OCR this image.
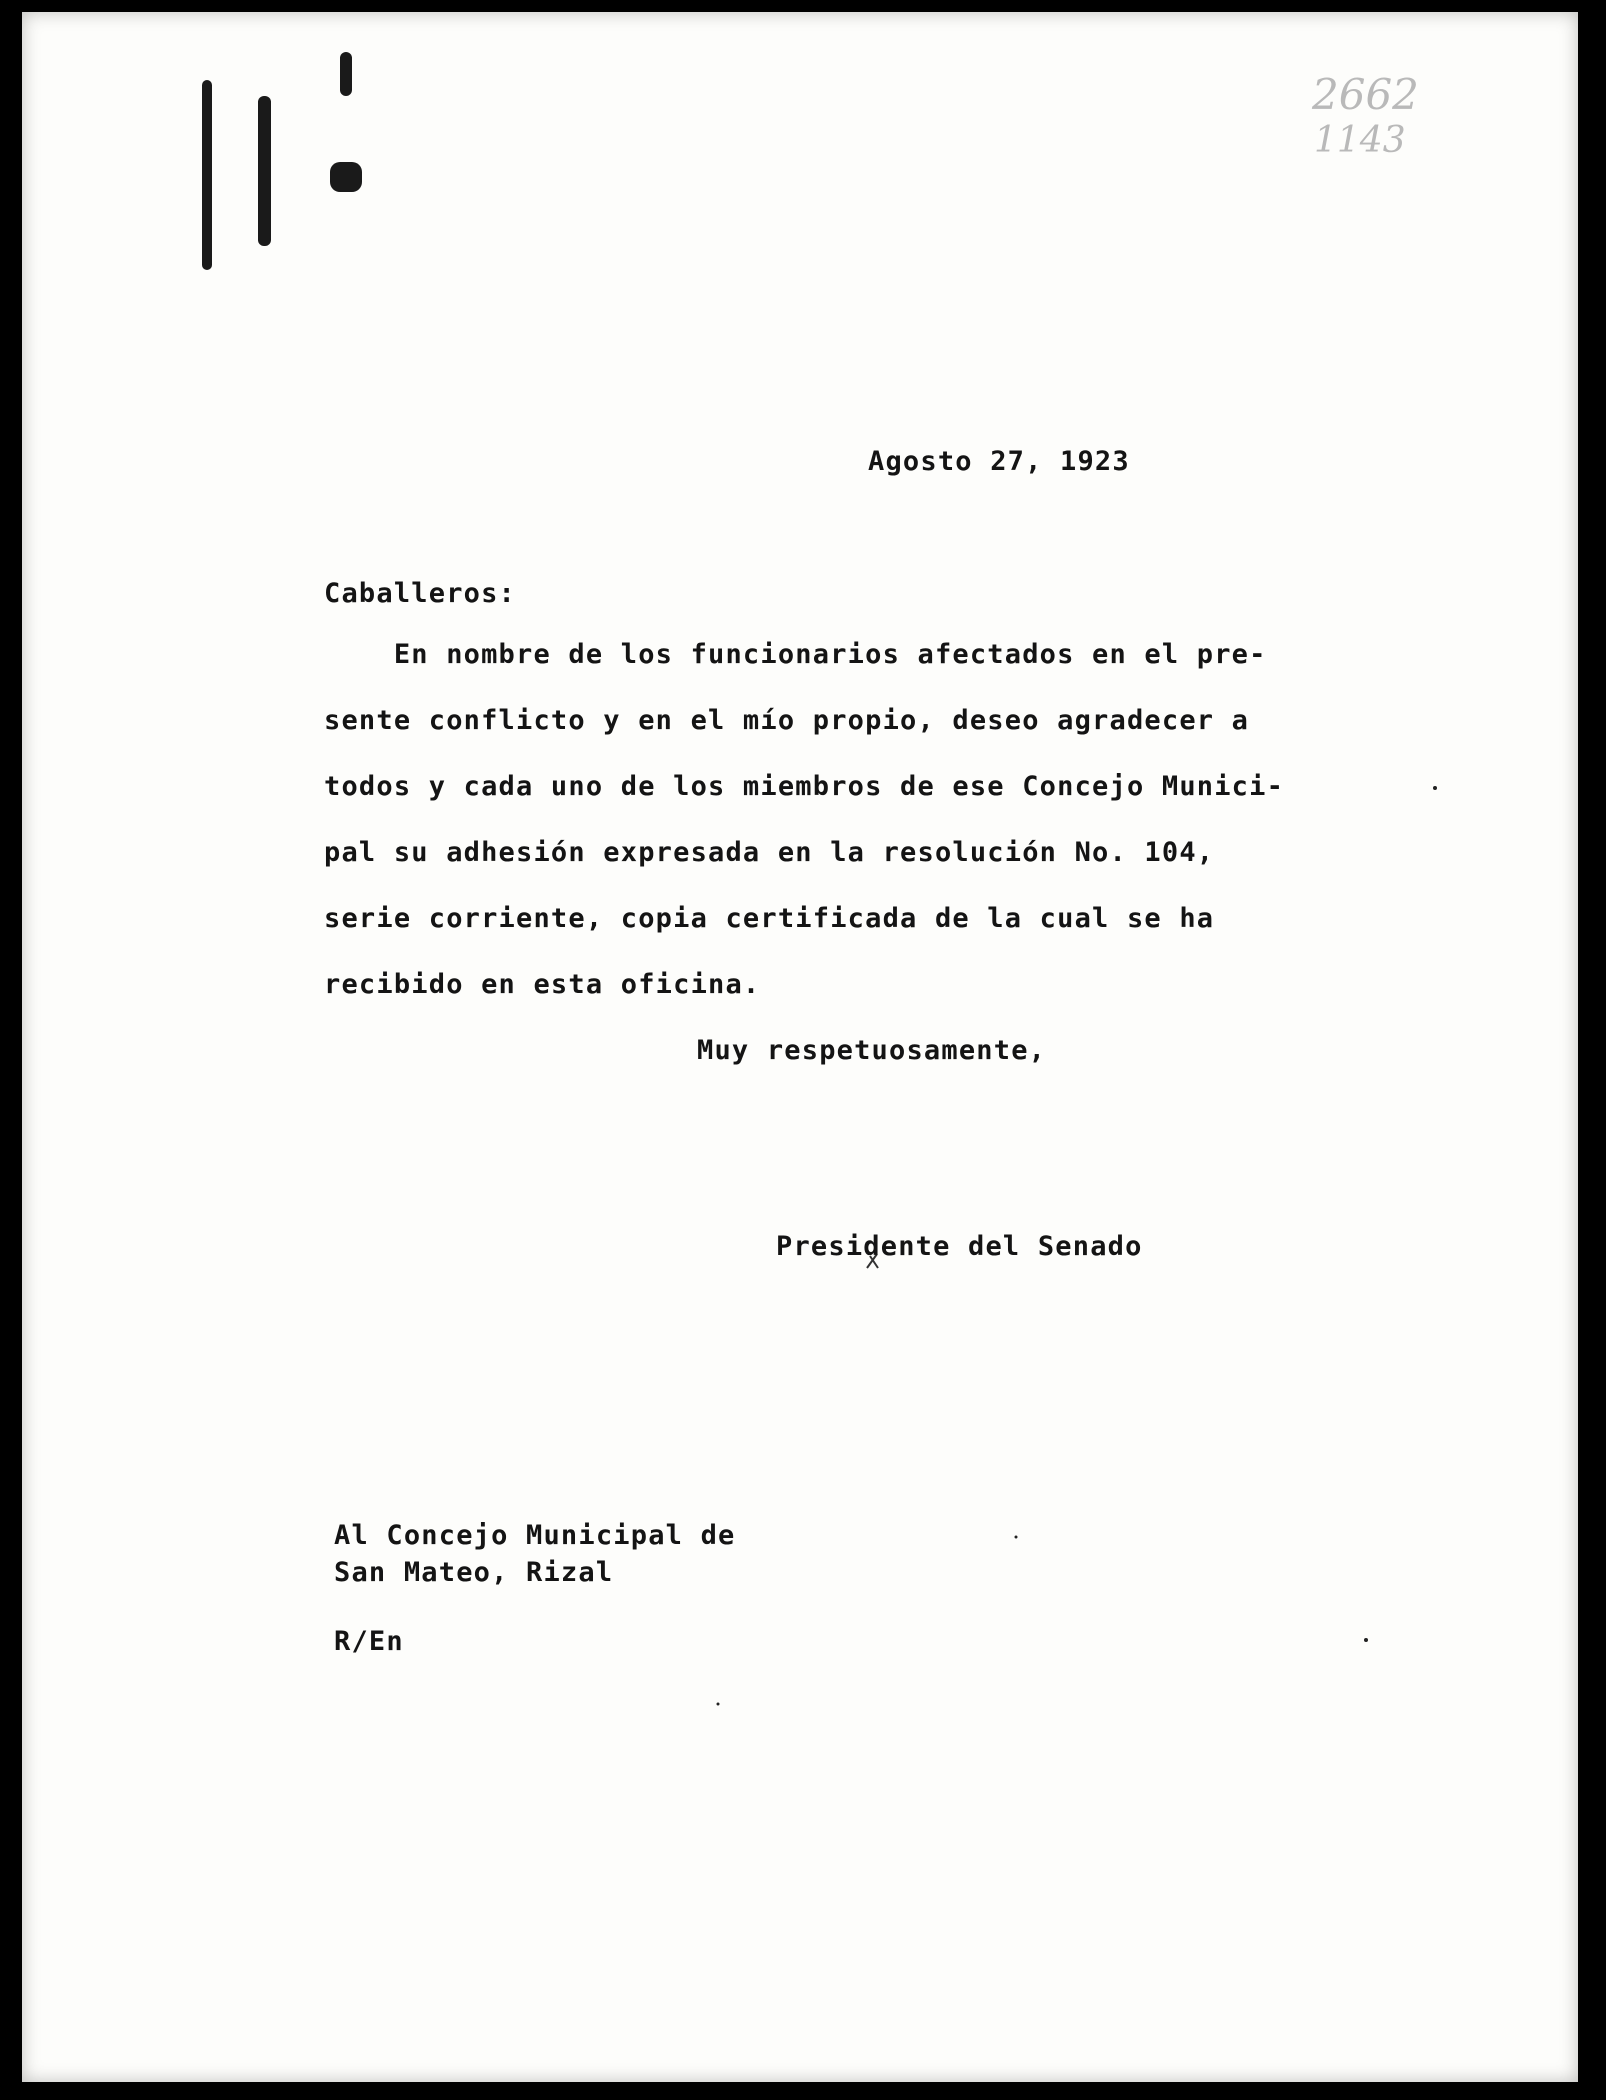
2662
1143

Agosto 27, 1923

Caballeros:

En nombre de los funcionarios afectados en el pre-

sente conflicto y en el mío propio, deseo agradecer a

todos y cada uno de los miembros de ese Concejo Munici-

pal su adhesión expresada en la resolución No. 104,

serie corriente, copia certificada de la cual se ha

recibido en esta oficina.

Muy respetuosamente,

Presidente del Senado

Al Concejo Municipal de

San Mateo, Rizal

R/En
